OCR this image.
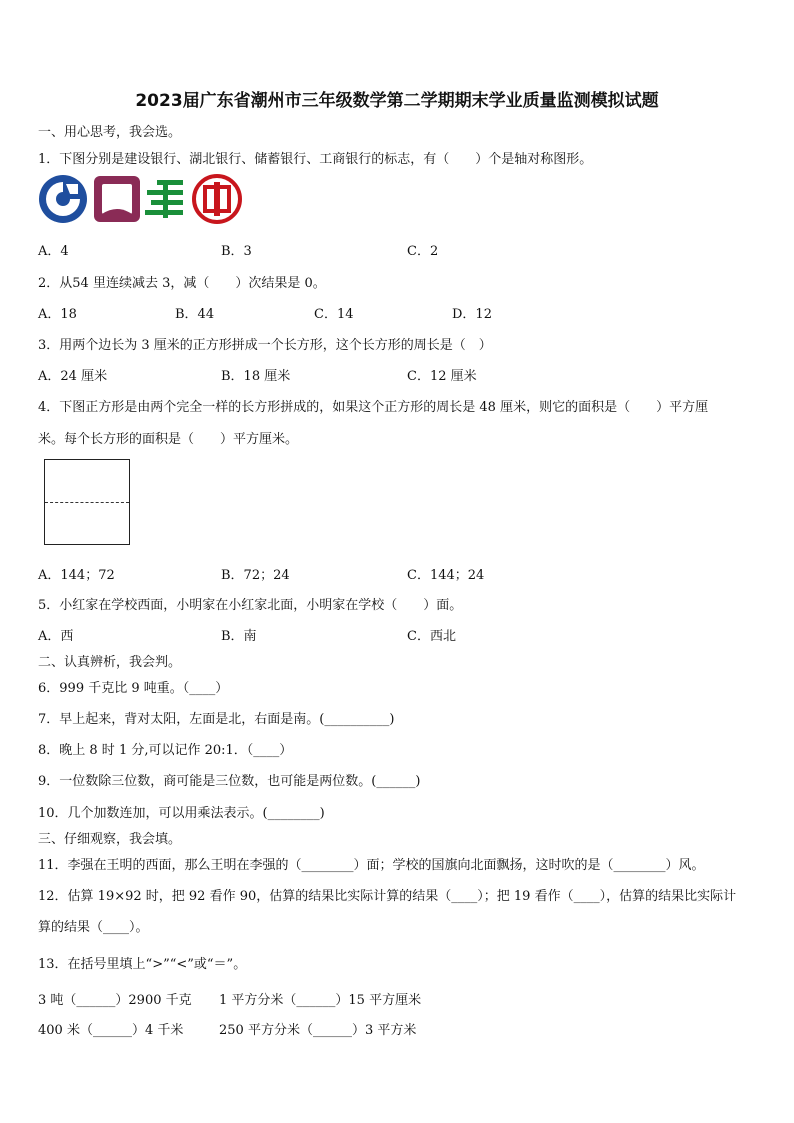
2023届广东省潮州市三年级数学第二学期期末学业质量监测模拟试题
一、用心思考，我会选。
1．下图分别是建设银行、湖北银行、储蓄银行、工商银行的标志，有（　　）个是轴对称图形。
A．4	B．3	C．2
2．从54 里连续减去 3，减（　　）次结果是 0。
A．18	B．44	C．14	D．12
3．用两个边长为 3 厘米的正方形拼成一个长方形，这个长方形的周长是（　）
A．24 厘米	B．18 厘米	C．12 厘米
4．下图正方形是由两个完全一样的长方形拼成的，如果这个正方形的周长是 48 厘米，则它的面积是（　　）平方厘
米。每个长方形的面积是（　　）平方厘米。
A．144；72	B．72；24	C．144；24
5．小红家在学校西面，小明家在小红家北面，小明家在学校（　　）面。
A．西	B．南	C．西北
二、认真辨析，我会判。
6．999 千克比 9 吨重。（____）
7．早上起来，背对太阳，左面是北，右面是南。(__________)
8．晚上 8 时 1 分,可以记作 20:1．（____）
9．一位数除三位数，商可能是三位数，也可能是两位数。(______)
10．几个加数连加，可以用乘法表示。(________)
三、仔细观察，我会填。
11．李强在王明的西面，那么王明在李强的（________）面；学校的国旗向北面飘扬，这时吹的是（________）风。
12．估算 19×92 时，把 92 看作 90，估算的结果比实际计算的结果（____）；把 19 看作（____），估算的结果比实际计
算的结果（____）。
13．在括号里填上“>”“<”或“＝”。
3 吨（______）2900 千克 1 平方分米（______）15 平方厘米
400 米（______）4 千米	250 平方分米（______）3 平方米
